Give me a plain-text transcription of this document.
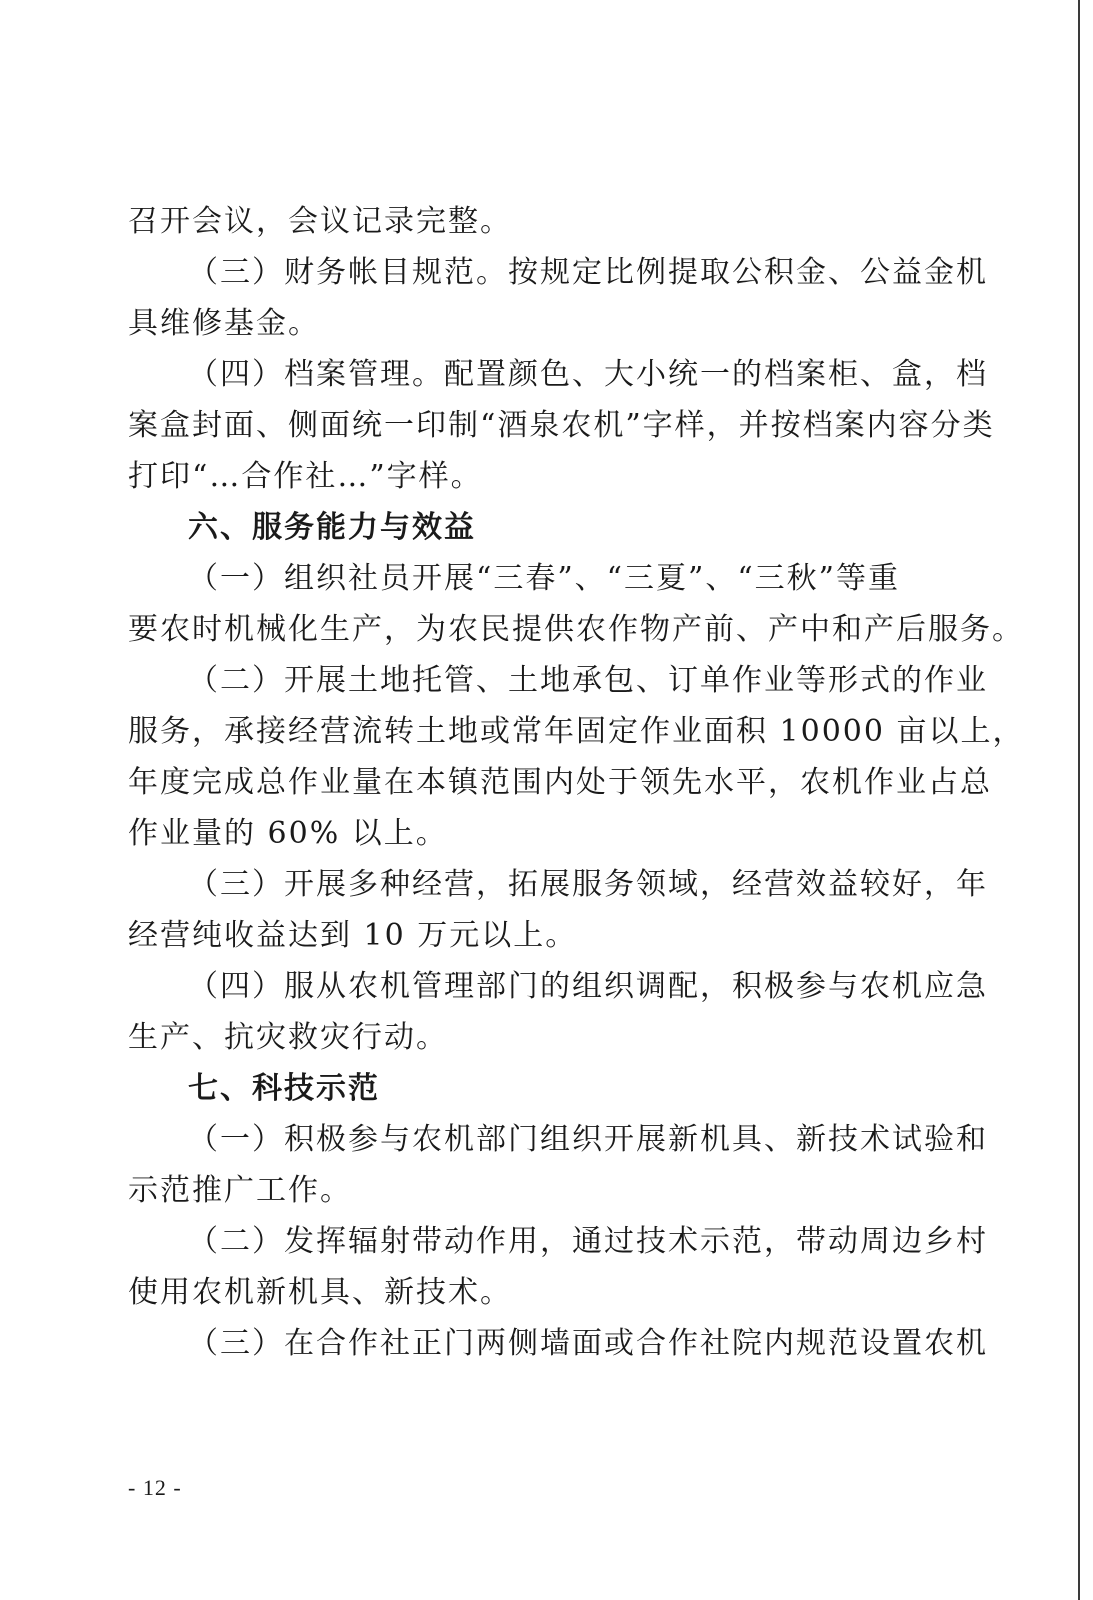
召开会议，会议记录完整。
（三）财务帐目规范。按规定比例提取公积金、公益金机
具维修基金。
（四）档案管理。配置颜色、大小统一的档案柜、盒，档
案盒封面、侧面统一印制“酒泉农机”字样，并按档案内容分类
打印“…合作社…”字样。
六、服务能力与效益
（一）组织社员开展“三春”、“三夏”、“三秋”等重
要农时机械化生产，为农民提供农作物产前、产中和产后服务。
（二）开展土地托管、土地承包、订单作业等形式的作业
服务，承接经营流转土地或常年固定作业面积 10000 亩以上，
年度完成总作业量在本镇范围内处于领先水平，农机作业占总
作业量的 60% 以上。
（三）开展多种经营，拓展服务领域，经营效益较好，年
经营纯收益达到 10 万元以上。
（四）服从农机管理部门的组织调配，积极参与农机应急
生产、抗灾救灾行动。
七、科技示范
（一）积极参与农机部门组织开展新机具、新技术试验和
示范推广工作。
（二）发挥辐射带动作用，通过技术示范，带动周边乡村
使用农机新机具、新技术。
（三）在合作社正门两侧墙面或合作社院内规范设置农机
- 12 -
